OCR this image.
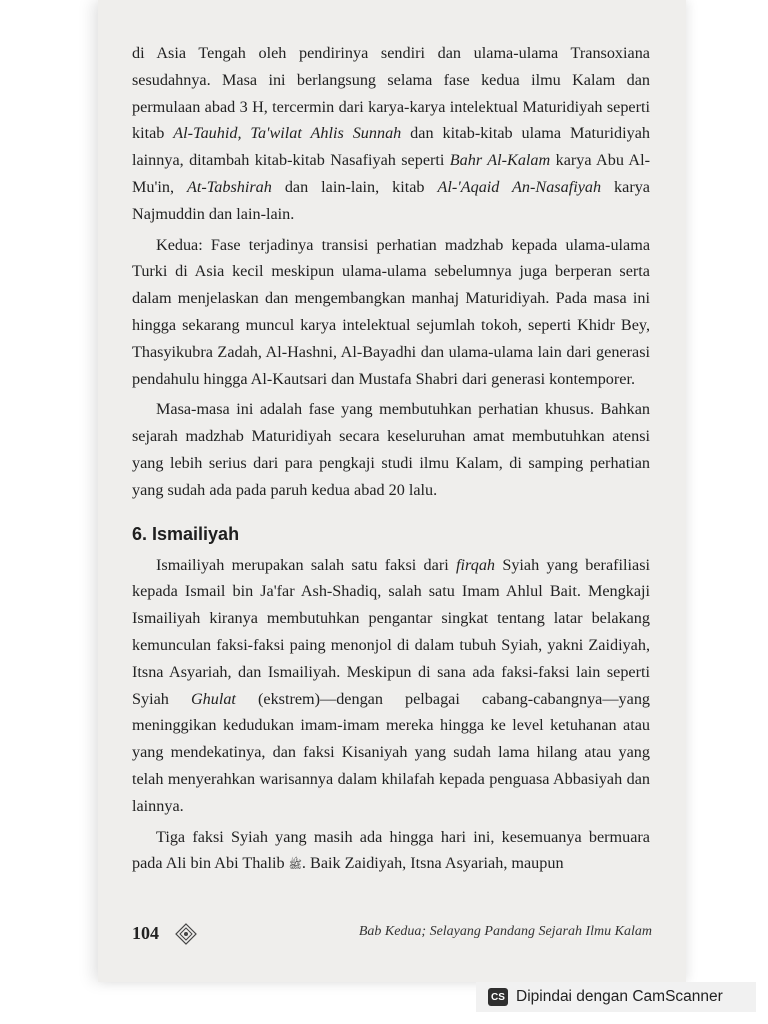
di Asia Tengah oleh pendirinya sendiri dan ulama-ulama Transoxiana sesudahnya. Masa ini berlangsung selama fase kedua ilmu Kalam dan permulaan abad 3 H, tercermin dari karya-karya intelektual Maturidiyah seperti kitab Al-Tauhid, Ta'wilat Ahlis Sunnah dan kitab-kitab ulama Maturidiyah lainnya, ditambah kitab-kitab Nasafiyah seperti Bahr Al-Kalam karya Abu Al-Mu'in, At-Tabshirah dan lain-lain, kitab Al-'Aqaid An-Nasafiyah karya Najmuddin dan lain-lain.

Kedua: Fase terjadinya transisi perhatian madzhab kepada ulama-ulama Turki di Asia kecil meskipun ulama-ulama sebelumnya juga berperan serta dalam menjelaskan dan mengembangkan manhaj Maturidiyah. Pada masa ini hingga sekarang muncul karya intelektual sejumlah tokoh, seperti Khidr Bey, Thasyikubra Zadah, Al-Hashni, Al-Bayadhi dan ulama-ulama lain dari generasi pendahulu hingga Al-Kautsari dan Mustafa Shabri dari generasi kontemporer.

Masa-masa ini adalah fase yang membutuhkan perhatian khusus. Bahkan sejarah madzhab Maturidiyah secara keseluruhan amat membutuhkan atensi yang lebih serius dari para pengkaji studi ilmu Kalam, di samping perhatian yang sudah ada pada paruh kedua abad 20 lalu.

6. Ismailiyah

Ismailiyah merupakan salah satu faksi dari firqah Syiah yang berafiliasi kepada Ismail bin Ja'far Ash-Shadiq, salah satu Imam Ahlul Bait. Mengkaji Ismailiyah kiranya membutuhkan pengantar singkat tentang latar belakang kemunculan faksi-faksi paing menonjol di dalam tubuh Syiah, yakni Zaidiyah, Itsna Asyariah, dan Ismailiyah. Meskipun di sana ada faksi-faksi lain seperti Syiah Ghulat (ekstrem)—dengan pelbagai cabang-cabangnya—yang meninggikan kedudukan imam-imam mereka hingga ke level ketuhanan atau yang mendekatinya, dan faksi Kisaniyah yang sudah lama hilang atau yang telah menyerahkan warisannya dalam khilafah kepada penguasa Abbasiyah dan lainnya.

Tiga faksi Syiah yang masih ada hingga hari ini, kesemuanya bermuara pada Ali bin Abi Thalib ﷺ. Baik Zaidiyah, Itsna Asyariah, maupun

104	Bab Kedua; Selayang Pandang Sejarah Ilmu Kalam
CS Dipindai dengan CamScanner
